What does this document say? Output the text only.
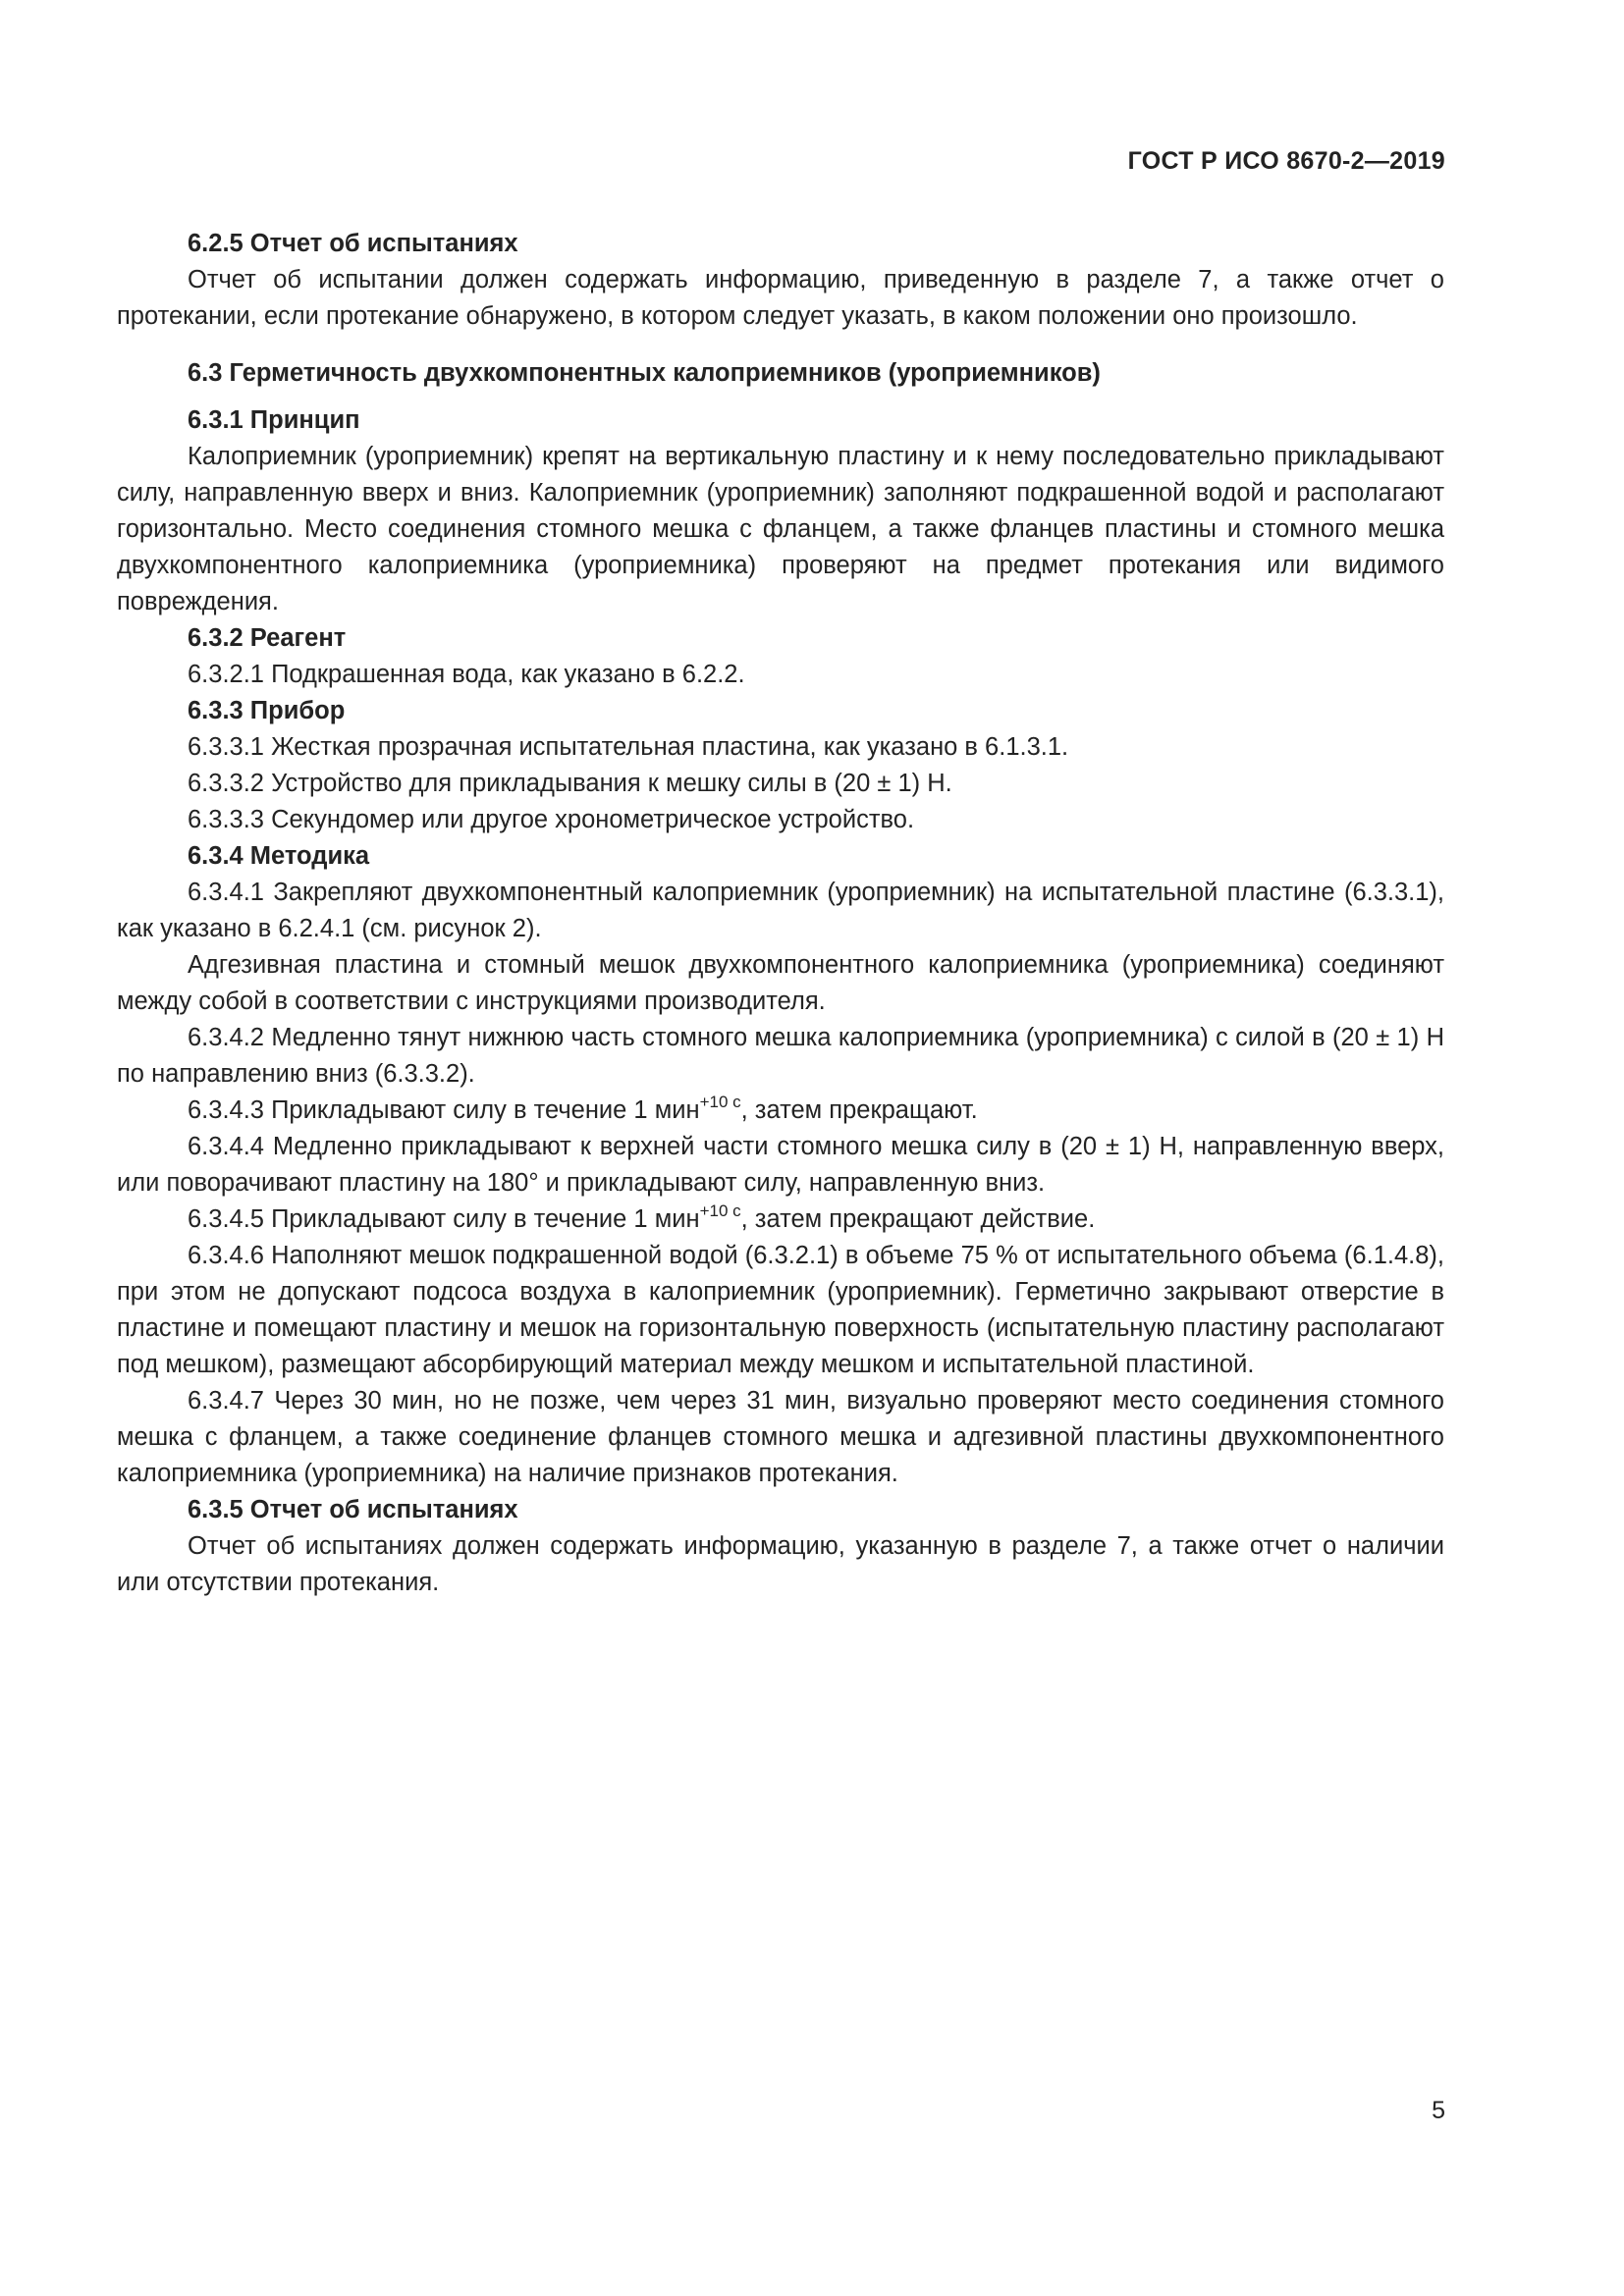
ГОСТ Р ИСО 8670-2—2019
6.2.5 Отчет об испытаниях

Отчет об испытании должен содержать информацию, приведенную в разделе 7, а также отчет о протекании, если протекание обнаружено, в котором следует указать, в каком положении оно произошло.

6.3 Герметичность двухкомпонентных калоприемников (уроприемников)
6.3.1 Принцип

Калоприемник (уроприемник) крепят на вертикальную пластину и к нему последовательно прикладывают силу, направленную вверх и вниз. Калоприемник (уроприемник) заполняют подкрашенной водой и располагают горизонтально. Место соединения стомного мешка с фланцем, а также фланцев пластины и стомного мешка двухкомпонентного калоприемника (уроприемника) проверяют на предмет протекания или видимого повреждения.

6.3.2 Реагент

6.3.2.1 Подкрашенная вода, как указано в 6.2.2.

6.3.3 Прибор

6.3.3.1 Жесткая прозрачная испытательная пластина, как указано в 6.1.3.1.

6.3.3.2 Устройство для прикладывания к мешку силы в (20 ± 1) Н.

6.3.3.3 Секундомер или другое хронометрическое устройство.

6.3.4 Методика

6.3.4.1 Закрепляют двухкомпонентный калоприемник (уроприемник) на испытательной пластине (6.3.3.1), как указано в 6.2.4.1 (см. рисунок 2).

Адгезивная пластина и стомный мешок двухкомпонентного калоприемника (уроприемника) соединяют между собой в соответствии с инструкциями производителя.

6.3.4.2 Медленно тянут нижнюю часть стомного мешка калоприемника (уроприемника) с силой в (20 ± 1) Н по направлению вниз (6.3.3.2).

6.3.4.3 Прикладывают силу в течение 1 мин$^{+10 с}$, затем прекращают.

6.3.4.4 Медленно прикладывают к верхней части стомного мешка силу в (20 ± 1) Н, направленную вверх, или поворачивают пластину на 180° и прикладывают силу, направленную вниз.

6.3.4.5 Прикладывают силу в течение 1 мин$^{+10 с}$, затем прекращают действие.

6.3.4.6 Наполняют мешок подкрашенной водой (6.3.2.1) в объеме 75 % от испытательного объема (6.1.4.8), при этом не допускают подсоса воздуха в калоприемник (уроприемник). Герметично закрывают отверстие в пластине и помещают пластину и мешок на горизонтальную поверхность (испытательную пластину располагают под мешком), размещают абсорбирующий материал между мешком и испытательной пластиной.

6.3.4.7 Через 30 мин, но не позже, чем через 31 мин, визуально проверяют место соединения стомного мешка с фланцем, а также соединение фланцев стомного мешка и адгезивной пластины двухкомпонентного калоприемника (уроприемника) на наличие признаков протекания.

6.3.5 Отчет об испытаниях

Отчет об испытаниях должен содержать информацию, указанную в разделе 7, а также отчет о наличии или отсутствии протекания.

5
